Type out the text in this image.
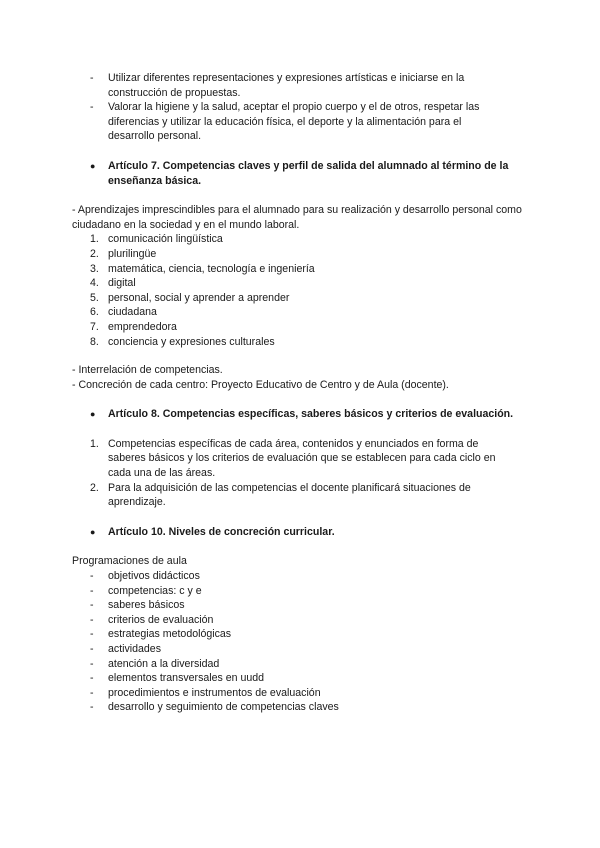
- Utilizar diferentes representaciones y expresiones artísticas e iniciarse en la construcción de propuestas.
- Valorar la higiene y la salud, aceptar el propio cuerpo y el de otros, respetar las diferencias y utilizar la educación física, el deporte y la alimentación para el desarrollo personal.
● Artículo 7. Competencias claves y perfil de salida del alumnado al término de la enseñanza básica.
- Aprendizajes imprescindibles para el alumnado para su realización y desarrollo personal como ciudadano en la sociedad y en el mundo laboral.
1. comunicación lingüística
2. plurilingüe
3. matemática, ciencia, tecnología e ingeniería
4. digital
5. personal, social y aprender a aprender
6. ciudadana
7. emprendedora
8. conciencia y expresiones culturales
- Interrelación de competencias.
- Concreción de cada centro: Proyecto Educativo de Centro y de Aula (docente).
● Artículo 8. Competencias específicas, saberes básicos y criterios de evaluación.
1. Competencias específicas de cada área, contenidos y enunciados en forma de saberes básicos y los criterios de evaluación que se establecen para cada ciclo en cada una de las áreas.
2. Para la adquisición de las competencias el docente planificará situaciones de aprendizaje.
● Artículo 10. Niveles de concreción curricular.
Programaciones de aula
- objetivos didácticos
- competencias: c y e
- saberes básicos
- criterios de evaluación
- estrategias metodológicas
- actividades
- atención a la diversidad
- elementos transversales en uudd
- procedimientos e instrumentos de evaluación
- desarrollo y seguimiento de competencias claves
